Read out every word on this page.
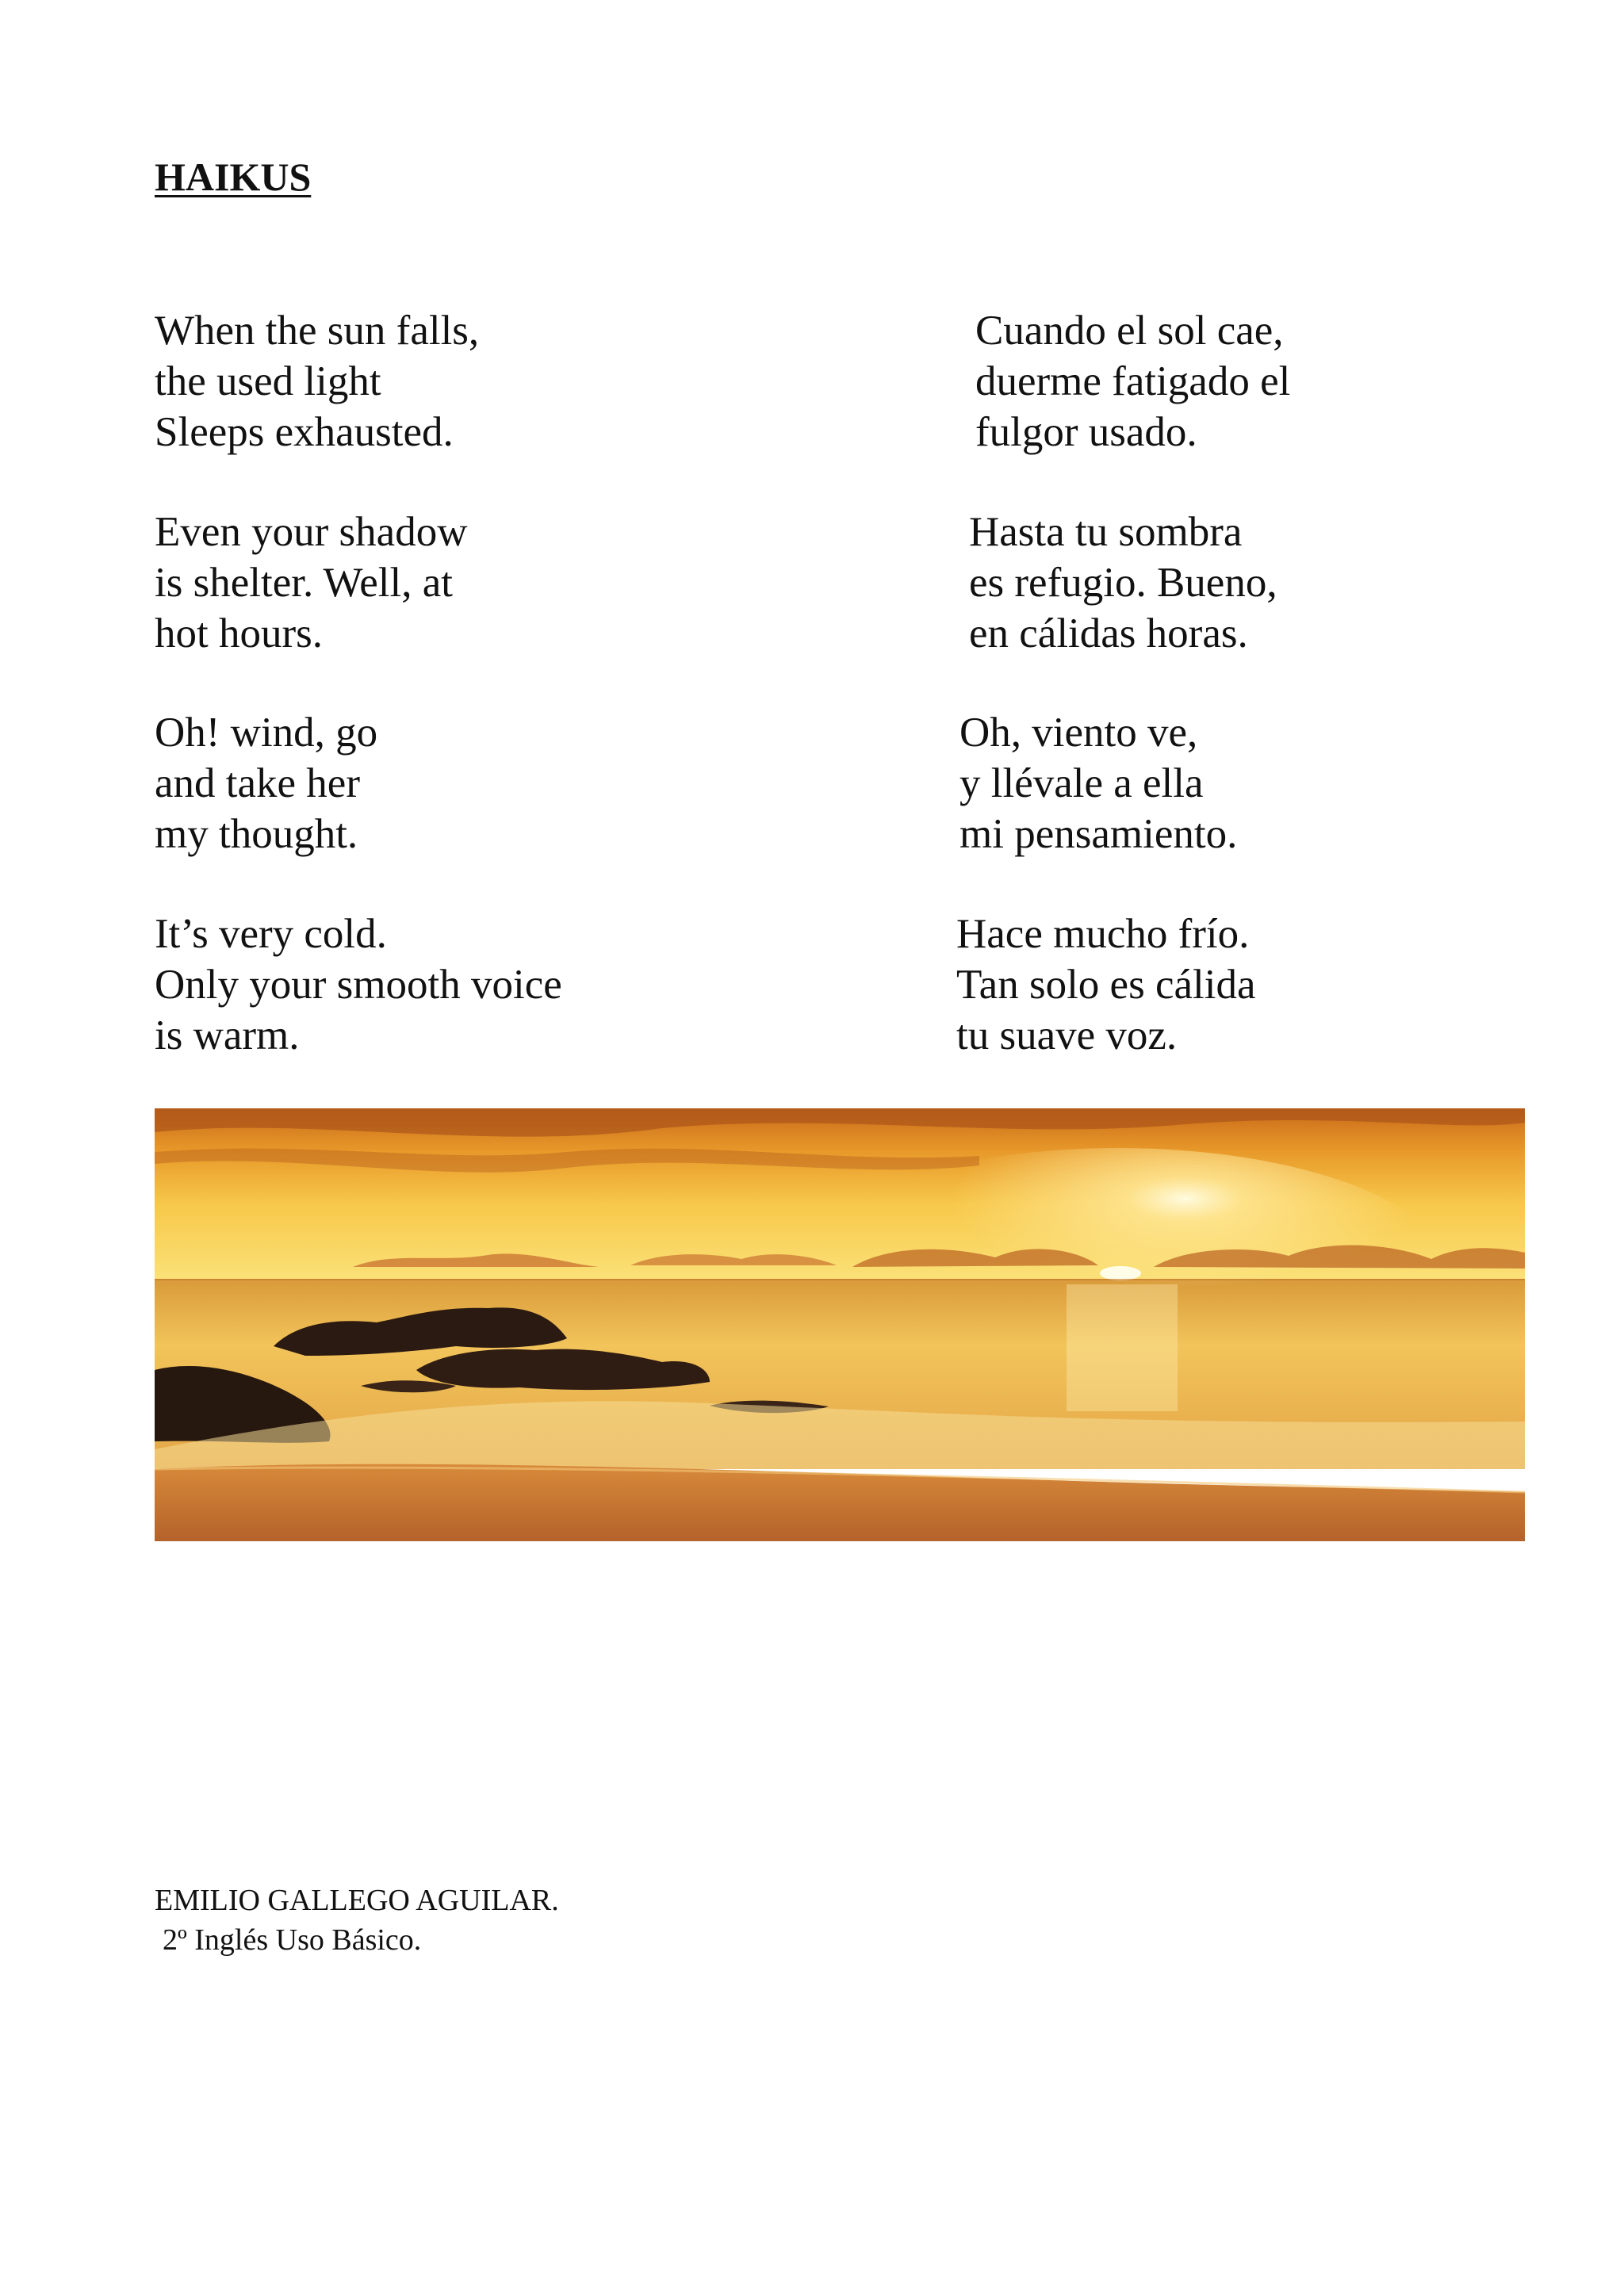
HAIKUS
When the sun falls,
the used light
Sleeps exhausted.
Cuando el sol cae,
duerme fatigado el
fulgor usado.
Even your shadow
is shelter. Well, at
hot hours.
Hasta tu sombra
es refugio. Bueno,
en cálidas horas.
Oh! wind, go
and take her
my thought.
Oh, viento ve,
y llévale a ella
mi pensamiento.
It’s very cold.
Only your smooth voice
is warm.
Hace mucho frío.
Tan solo es cálida
tu suave voz.
EMILIO GALLEGO AGUILAR.
2º Inglés Uso Básico.
